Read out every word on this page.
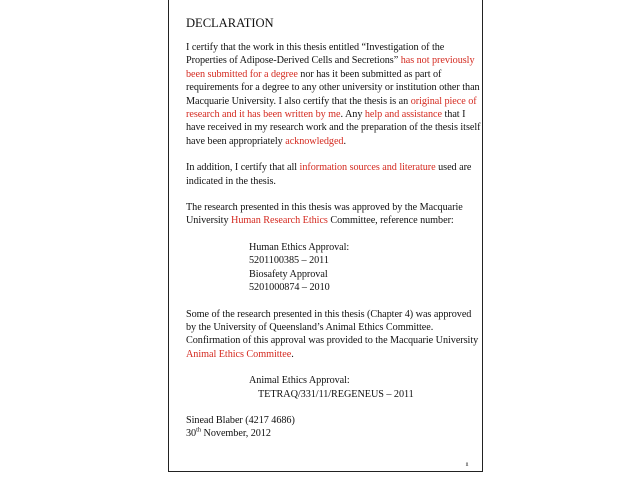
DECLARATION

I certify that the work in this thesis entitled “Investigation of the Properties of Adipose-Derived Cells and Secretions” has not previously been submitted for a degree nor has it been submitted as part of requirements for a degree to any other university or institution other than Macquarie University. I also certify that the thesis is an original piece of research and it has been written by me. Any help and assistance that I have received in my research work and the preparation of the thesis itself have been appropriately acknowledged.

In addition, I certify that all information sources and literature used are indicated in the thesis.

The research presented in this thesis was approved by the Macquarie University Human Research Ethics Committee, reference number:

Human Ethics Approval:
5201100385 – 2011
Biosafety Approval
5201000874 – 2010

Some of the research presented in this thesis (Chapter 4) was approved by the University of Queensland’s Animal Ethics Committee. Confirmation of this approval was provided to the Macquarie University Animal Ethics Committee.

Animal Ethics Approval:
TETRAQ/331/11/REGENEUS – 2011
Sinead Blaber (4217 4686)
30th November, 2012
ii
